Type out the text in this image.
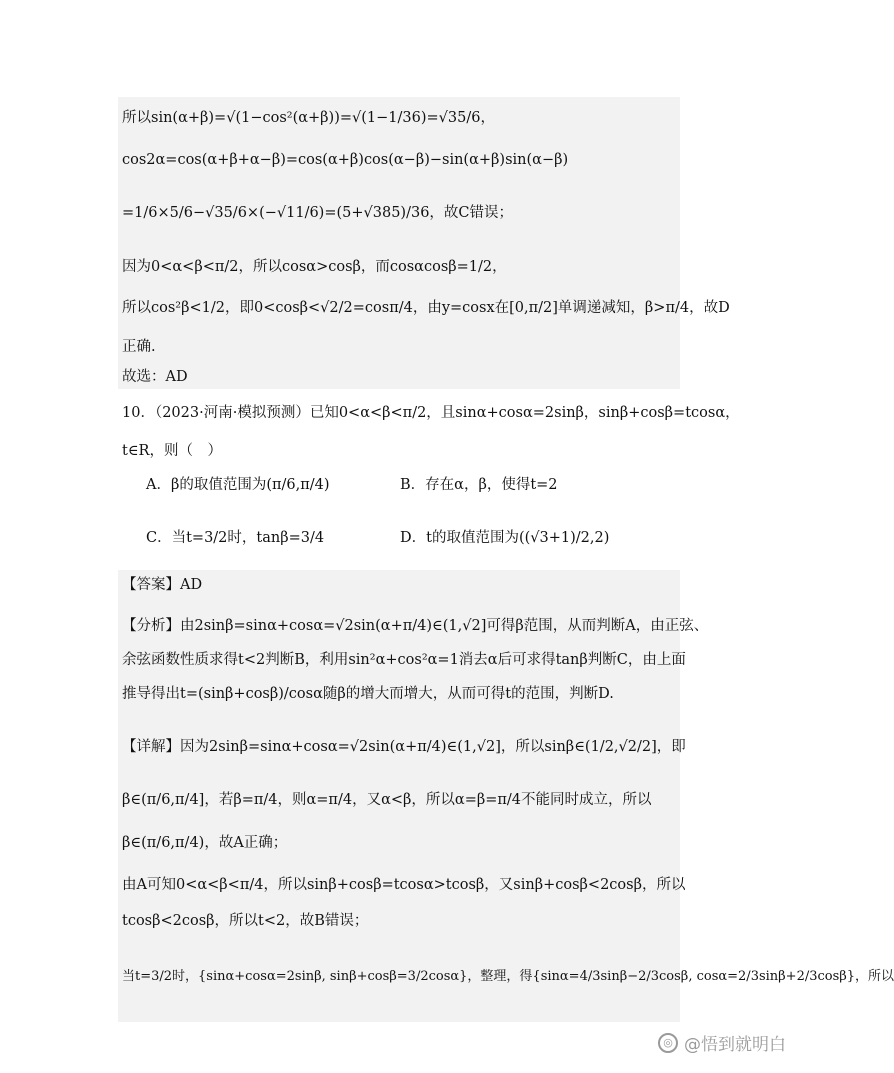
所以sin(α+β)=√(1−cos²(α+β))=√(1−1/36)=√35/6，
cos2α=cos(α+β+α−β)=cos(α+β)cos(α−β)−sin(α+β)sin(α−β)
=1/6×5/6−√35/6×(−√11/6)=(5+√385)/36，故C错误；
因为0<α<β<π/2，所以cosα>cosβ，而cosαcosβ=1/2，
所以cos²β<1/2，即0<cosβ<√2/2=cosπ/4，由y=cosx在[0,π/2]单调递减知，β>π/4，故D
正确.
故选：AD
10．（2023·河南·模拟预测）已知0<α<β<π/2，且sinα+cosα=2sinβ，sinβ+cosβ=tcosα，
t∈R，则（　）
A．β的取值范围为(π/6,π/4)	B．存在α，β，使得t=2
C．当t=3/2时，tanβ=3/4	D．t的取值范围为((√3+1)/2,2)
【答案】AD
【分析】由2sinβ=sinα+cosα=√2sin(α+π/4)∈(1,√2]可得β范围，从而判断A，由正弦、
余弦函数性质求得t<2判断B，利用sin²α+cos²α=1消去α后可求得tanβ判断C，由上面
推导得出t=(sinβ+cosβ)/cosα随β的增大而增大，从而可得t的范围，判断D.
【详解】因为2sinβ=sinα+cosα=√2sin(α+π/4)∈(1,√2]，所以sinβ∈(1/2,√2/2]，即
β∈(π/6,π/4]，若β=π/4，则α=π/4，又α<β，所以α=β=π/4不能同时成立，所以
β∈(π/6,π/4)，故A正确；
由A可知0<α<β<π/4，所以sinβ+cosβ=tcosα>tcosβ，又sinβ+cosβ<2cosβ，所以
tcosβ<2cosβ，所以t<2，故B错误；
当t=3/2时，{sinα+cosα=2sinβ, sinβ+cosβ=3/2cosα}，整理，得{sinα=4/3sinβ−2/3cosβ, cosα=2/3sinβ+2/3cosβ}，所以
◎ @悟到就明白
